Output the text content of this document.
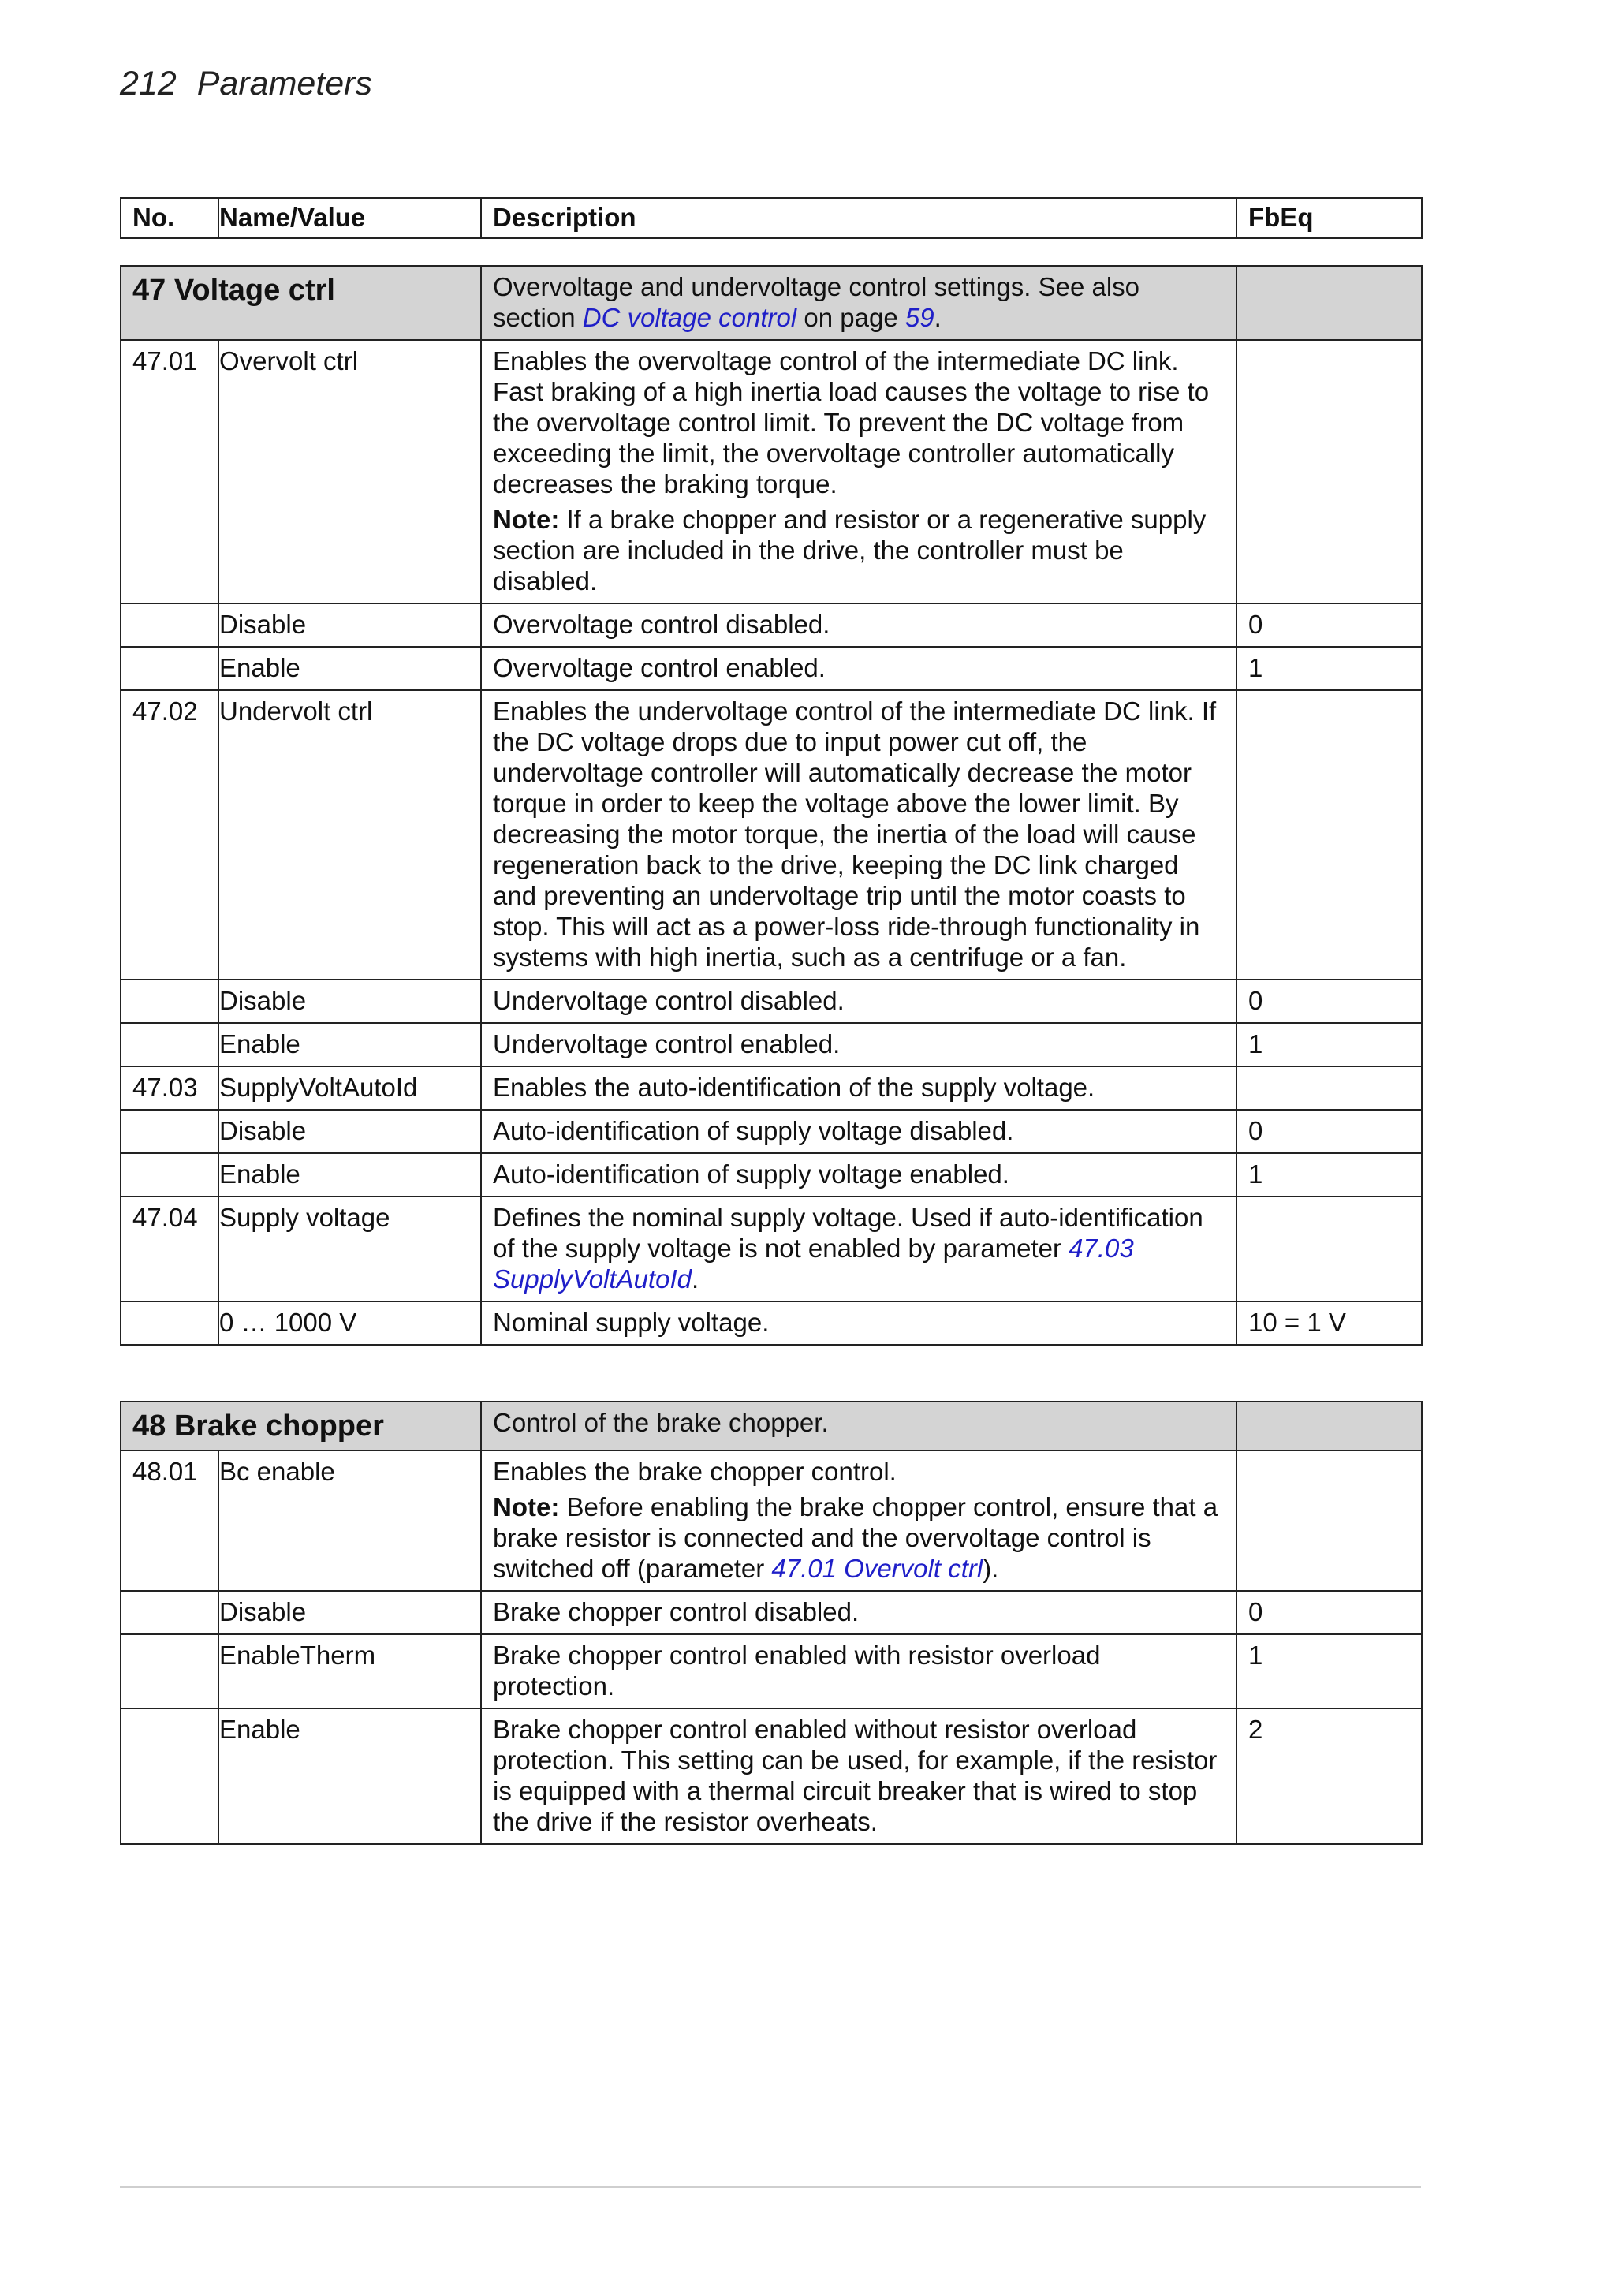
212 Parameters
No.	Name/Value	Description	FbEq
47 Voltage ctrl		Overvoltage and undervoltage control settings. See also section DC voltage control on page 59.	
47.01	Overvolt ctrl	Enables the overvoltage control of the intermediate DC link. Fast braking of a high inertia load causes the voltage to rise to the overvoltage control limit. To prevent the DC voltage from exceeding the limit, the overvoltage controller automatically decreases the braking torque.

Note: If a brake chopper and resistor or a regenerative supply section are included in the drive, the controller must be disabled.	

	Disable	Overvoltage control disabled.	0
	Enable	Overvoltage control enabled.	1
47.02	Undervolt ctrl	Enables the undervoltage control of the intermediate DC link. If the DC voltage drops due to input power cut off, the undervoltage controller will automatically decrease the motor torque in order to keep the voltage above the lower limit. By decreasing the motor torque, the inertia of the load will cause regeneration back to the drive, keeping the DC link charged and preventing an undervoltage trip until the motor coasts to stop. This will act as a power-loss ride-through functionality in systems with high inertia, such as a centrifuge or a fan.	
	Disable	Undervoltage control disabled.	0
	Enable	Undervoltage control enabled.	1
47.03	SupplyVoltAutoId	Enables the auto-identification of the supply voltage.	
	Disable	Auto-identification of supply voltage disabled.	0
	Enable	Auto-identification of supply voltage enabled.	1
47.04	Supply voltage	Defines the nominal supply voltage. Used if auto-identification of the supply voltage is not enabled by parameter 47.03 SupplyVoltAutoId.	
	0 … 1000 V	Nominal supply voltage.	10 = 1 V
48 Brake chopper		Control of the brake chopper.	
48.01	Bc enable	Enables the brake chopper control.

Note: Before enabling the brake chopper control, ensure that a brake resistor is connected and the overvoltage control is switched off (parameter 47.01 Overvolt ctrl).	

	Disable	Brake chopper control disabled.	0
	EnableTherm	Brake chopper control enabled with resistor overload protection.	1
	Enable	Brake chopper control enabled without resistor overload protection. This setting can be used, for example, if the resistor is equipped with a thermal circuit breaker that is wired to stop the drive if the resistor overheats.	2
